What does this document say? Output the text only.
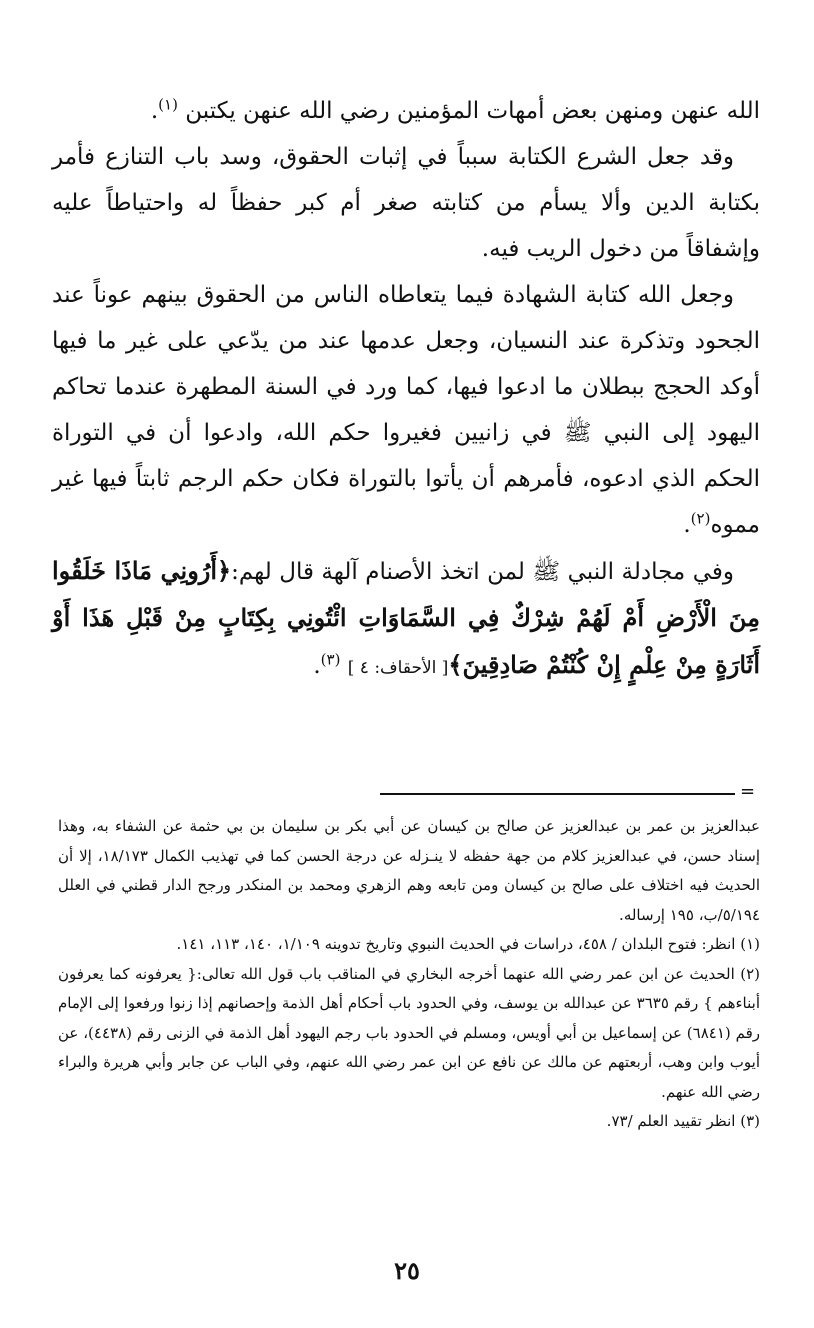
الله عنهن ومنهن بعض أمهات المؤمنين رضي الله عنهن يكتبن $^{(١)}$.

وقد جعل الشرع الكتابة سبباً في إثبات الحقوق، وسد باب التنازع فأمر بكتابة الدين وألا يسأم من كتابته صغر أم كبر حفظاً له واحتياطاً عليه وإشفاقاً من دخول الريب فيه.

وجعل الله كتابة الشهادة فيما يتعاطاه الناس من الحقوق بينهم عوناً عند الجحود وتذكرة عند النسيان، وجعل عدمها عند من يدّعي على غير ما فيها أوكد الحجج ببطلان ما ادعوا فيها، كما ورد في السنة المطهرة عندما تحاكم اليهود إلى النبي ﷺ في زانيين فغيروا حكم الله، وادعوا أن في التوراة الحكم الذي ادعوه، فأمرهم أن يأتوا بالتوراة فكان حكم الرجم ثابتاً فيها غير مموه$^{(٢)}$.

وفي مجادلة النبي ﷺ لمن اتخذ الأصنام آلهة قال لهم:﴿أَرُونِي مَاذَا خَلَقُوا مِنَ الْأَرْضِ أَمْ لَهُمْ شِرْكٌ فِي السَّمَاوَاتِ ائْتُونِي بِكِتَابٍ مِنْ قَبْلِ هَذَا أَوْ أَثَارَةٍ مِنْ عِلْمٍ إِنْ كُنْتُمْ صَادِقِينَ﴾[ الأحقاف: ٤ ] $^{(٣)}$.

=

عبدالعزيز بن عمر بن عبدالعزيز عن صالح بن كيسان عن أبي بكر بن سليمان بن بي حثمة عن الشفاء به، وهذا إسناد حسن، في عبدالعزيز كلام من جهة حفظه لا ينـزله عن درجة الحسن كما في تهذيب الكمال ١٨/١٧٣، إلا أن الحديث فيه اختلاف على صالح بن كيسان ومن تابعه وهم الزهري ومحمد بن المنكدر ورجح الدار قطني في العلل ٥/١٩٤/ب، ١٩٥ إرساله.

(١) انظر: فتوح البلدان / ٤٥٨، دراسات في الحديث النبوي وتاريخ تدوينه ١/١٠٩، ١٤٠، ١١٣، ١٤١.

(٢) الحديث عن ابن عمر رضي الله عنهما أخرجه البخاري في المناقب باب قول الله تعالى:{ يعرفونه كما يعرفون أبناءهم } رقم ٣٦٣٥ عن عبدالله بن يوسف، وفي الحدود باب أحكام أهل الذمة وإحصانهم إذا زنوا ورفعوا إلى الإمام رقم (٦٨٤١) عن إسماعيل بن أبي أويس، ومسلم في الحدود باب رجم اليهود أهل الذمة في الزنى رقم (٤٤٣٨)، عن أيوب وابن وهب، أربعتهم عن مالك عن نافع عن ابن عمر رضي الله عنهم، وفي الباب عن جابر وأبي هريرة والبراء رضي الله عنهم.

(٣) انظر تقييد العلم /٧٣.

٢٥
